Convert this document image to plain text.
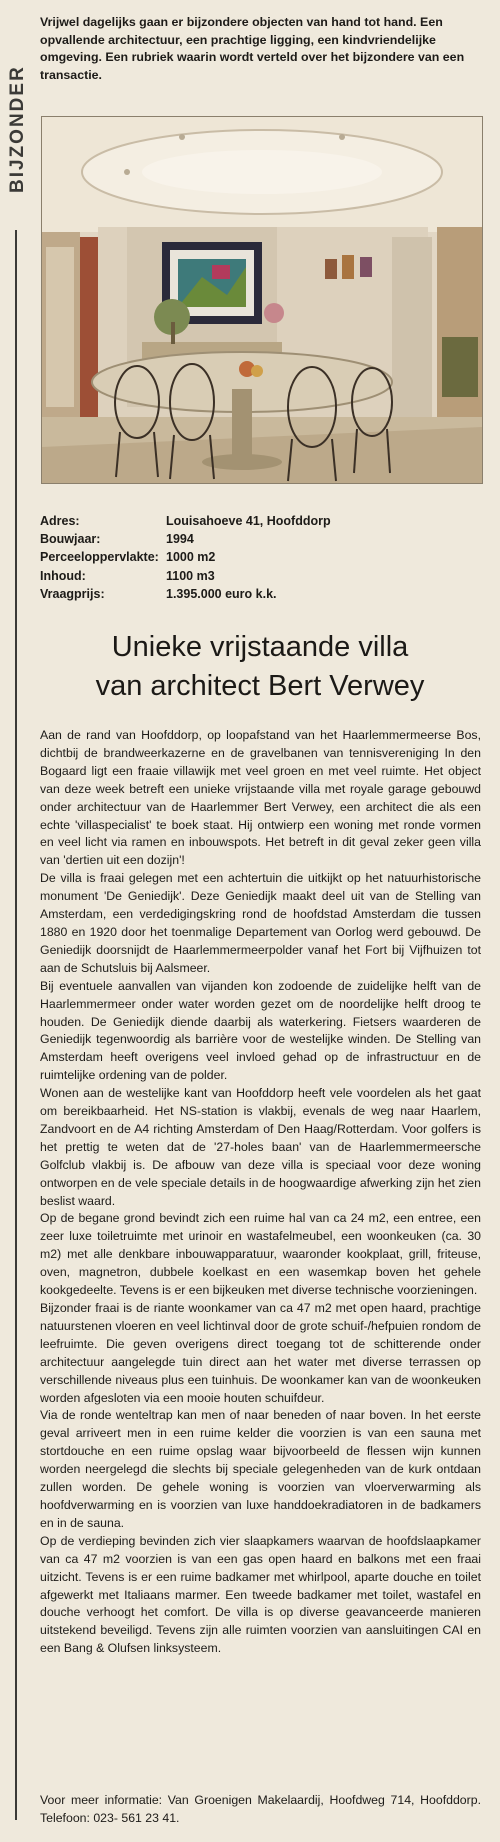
BIJZONDER
Vrijwel dagelijks gaan er bijzondere objecten van hand tot hand. Een opvallende architectuur, een prachtige ligging, een kindvriendelijke omgeving. Een rubriek waarin wordt verteld over het bijzondere van een transactie.
Adres:	Louisahoeve 41, Hoofddorp
Bouwjaar:	1994
Perceeloppervlakte: 1000 m2
Inhoud:	1100 m3
Vraagprijs:	1.395.000 euro k.k.
Unieke vrijstaande villa
van architect Bert Verwey

Aan de rand van Hoofddorp, op loopafstand van het Haarlemmermeerse Bos, dichtbij de brandweerkazerne en de gravelbanen van tennisvereniging In den Bogaard ligt een fraaie villawijk met veel groen en met veel ruimte. Het object van deze week betreft een unieke vrijstaande villa met royale garage gebouwd onder architectuur van de Haarlemmer Bert Verwey, een architect die als een echte 'villaspecialist' te boek staat. Hij ontwierp een woning met ronde vormen en veel licht via ramen en inbouwspots. Het betreft in dit geval zeker geen villa van 'dertien uit een dozijn'!

De villa is fraai gelegen met een achtertuin die uitkijkt op het natuurhistorische monument 'De Geniedijk'. Deze Geniedijk maakt deel uit van de Stelling van Amsterdam, een verdedigingskring rond de hoofdstad Amsterdam die tussen 1880 en 1920 door het toenmalige Departement van Oorlog werd gebouwd. De Geniedijk doorsnijdt de Haarlemmermeerpolder vanaf het Fort bij Vijfhuizen tot aan de Schutsluis bij Aalsmeer.

Bij eventuele aanvallen van vijanden kon zodoende de zuidelijke helft van de Haarlemmermeer onder water worden gezet om de noordelijke helft droog te houden. De Geniedijk diende daarbij als waterkering. Fietsers waarderen de Geniedijk tegenwoordig als barrière voor de westelijke winden. De Stelling van Amsterdam heeft overigens veel invloed gehad op de infrastructuur en de ruimtelijke ordening van de polder.

Wonen aan de westelijke kant van Hoofddorp heeft vele voordelen als het gaat om bereikbaarheid. Het NS-station is vlakbij, evenals de weg naar Haarlem, Zandvoort en de A4 richting Amsterdam of Den Haag/Rotterdam. Voor golfers is het prettig te weten dat de '27-holes baan' van de Haarlemmermeersche Golfclub vlakbij is. De afbouw van deze villa is speciaal voor deze woning ontworpen en de vele speciale details in de hoogwaardige afwerking zijn het zien beslist waard.

Op de begane grond bevindt zich een ruime hal van ca 24 m2, een entree, een zeer luxe toiletruimte met urinoir en wastafelmeubel, een woonkeuken (ca. 30 m2) met alle denkbare inbouwapparatuur, waaronder kookplaat, grill, friteuse, oven, magnetron, dubbele koelkast en een wasemkap boven het gehele kookgedeelte. Tevens is er een bijkeuken met diverse technische voorzieningen.

Bijzonder fraai is de riante woonkamer van ca 47 m2 met open haard, prachtige natuurstenen vloeren en veel lichtinval door de grote schuif-/hefpuien rondom de leefruimte. Die geven overigens direct toegang tot de schitterende onder architectuur aangelegde tuin direct aan het water met diverse terrassen op verschillende niveaus plus een tuinhuis. De woonkamer kan van de woonkeuken worden afgesloten via een mooie houten schuifdeur.

Via de ronde wenteltrap kan men of naar beneden of naar boven. In het eerste geval arriveert men in een ruime kelder die voorzien is van een sauna met stortdouche en een ruime opslag waar bijvoorbeeld de flessen wijn kunnen worden neergelegd die slechts bij speciale gelegenheden van de kurk ontdaan zullen worden. De gehele woning is voorzien van vloerverwarming als hoofdverwarming en is voorzien van luxe handdoekradiatoren in de badkamers en in de sauna.

Op de verdieping bevinden zich vier slaapkamers waarvan de hoofdslaapkamer van ca 47 m2 voorzien is van een gas open haard en balkons met een fraai uitzicht. Tevens is er een ruime badkamer met whirlpool, aparte douche en toilet afgewerkt met Italiaans marmer. Een tweede badkamer met toilet, wastafel en douche verhoogt het comfort. De villa is op diverse geavanceerde manieren uitstekend beveiligd. Tevens zijn alle ruimten voorzien van aansluitingen CAI en een Bang & Olufsen linksysteem.

Voor meer informatie: Van Groenigen Makelaardij, Hoofdweg 714, Hoofddorp. Telefoon: 023- 561 23 41.
